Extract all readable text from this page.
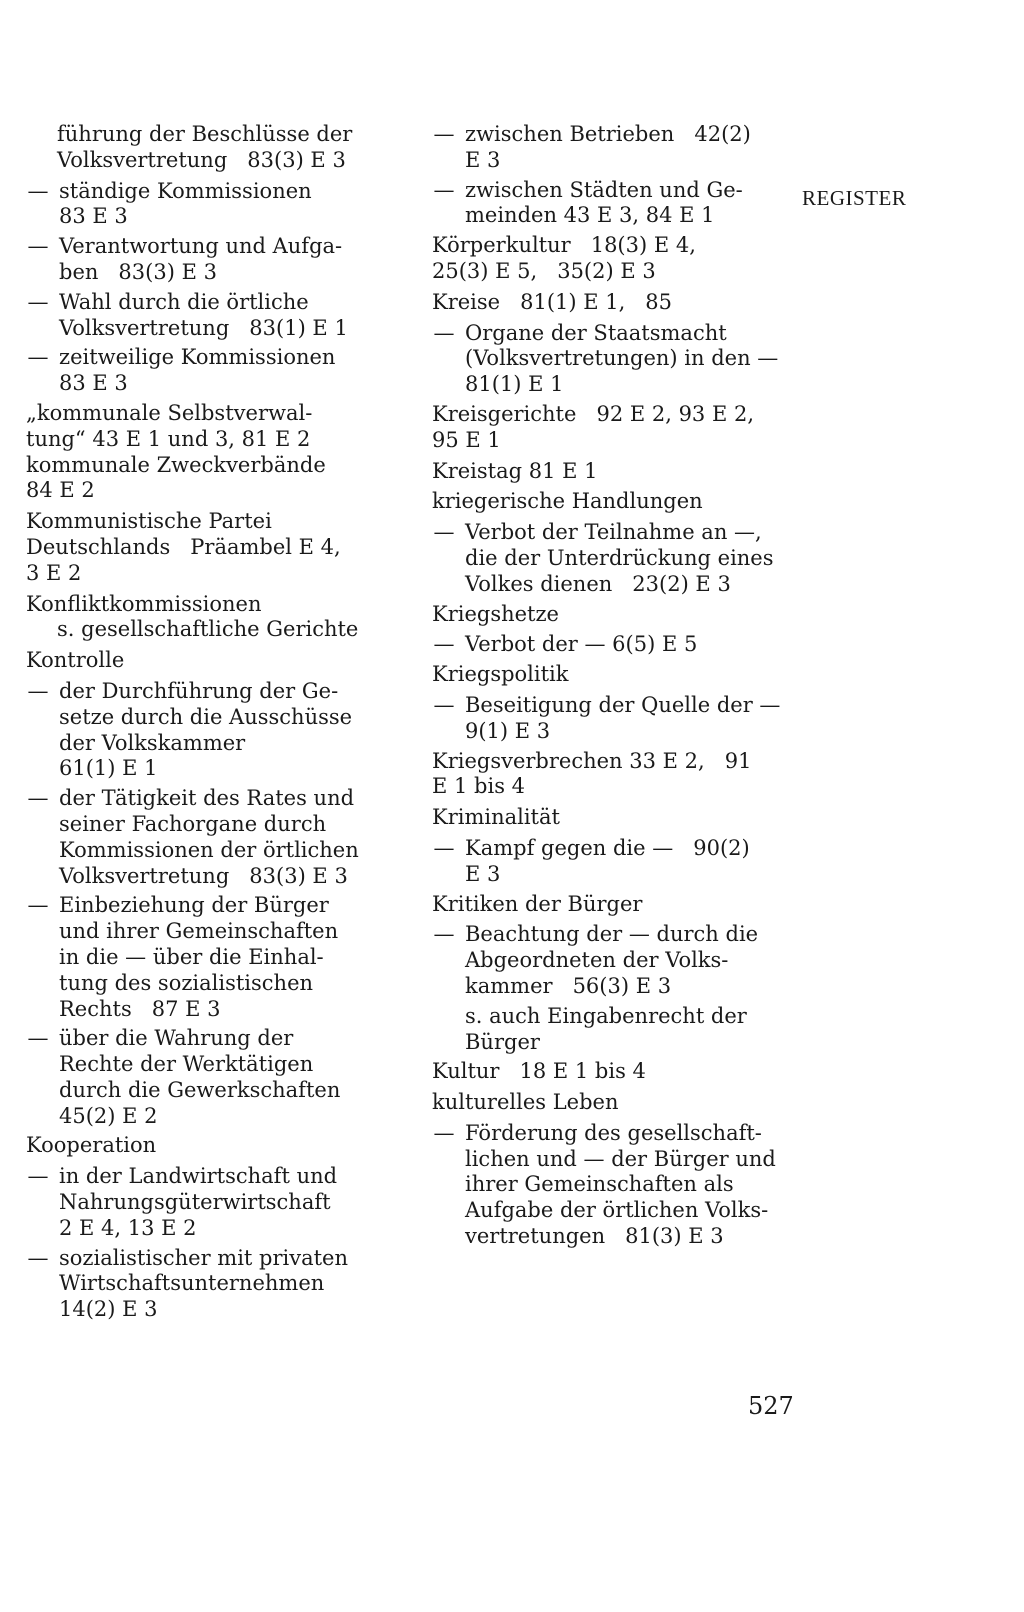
führung der Beschlüsse der
Volksvertretung   83(3) E 3
— ständige Kommissionen
83 E 3
— Verantwortung und Aufga-
ben   83(3) E 3
— Wahl durch die örtliche
Volksvertretung   83(1) E 1
— zeitweilige Kommissionen
83 E 3
„kommunale Selbstverwal-
tung“ 43 E 1 und 3, 81 E 2
kommunale Zweckverbände
84 E 2
Kommunistische Partei
Deutschlands   Präambel E 4,
3 E 2
Konfliktkommissionen
s. gesellschaftliche Gerichte
Kontrolle
— der Durchführung der Ge-
setze durch die Ausschüsse
der Volkskammer
61(1) E 1
— der Tätigkeit des Rates und
seiner Fachorgane durch
Kommissionen der örtlichen
Volksvertretung   83(3) E 3
— Einbeziehung der Bürger
und ihrer Gemeinschaften
in die — über die Einhal-
tung des sozialistischen
Rechts   87 E 3
— über die Wahrung der
Rechte der Werktätigen
durch die Gewerkschaften
45(2) E 2
Kooperation
— in der Landwirtschaft und
Nahrungsgüterwirtschaft
2 E 4, 13 E 2
— sozialistischer mit privaten
Wirtschaftsunternehmen
14(2) E 3
— zwischen Betrieben   42(2)
E 3
— zwischen Städten und Ge-
meinden 43 E 3, 84 E 1
Körperkultur   18(3) E 4,
25(3) E 5,   35(2) E 3
Kreise   81(1) E 1,   85
— Organe der Staatsmacht
(Volksvertretungen) in den —
81(1) E 1
Kreisgerichte   92 E 2, 93 E 2,
95 E 1
Kreistag 81 E 1
kriegerische Handlungen
— Verbot der Teilnahme an —,
die der Unterdrückung eines
Volkes dienen   23(2) E 3
Kriegshetze
— Verbot der — 6(5) E 5
Kriegspolitik
— Beseitigung der Quelle der —
9(1) E 3
Kriegsverbrechen 33 E 2,   91
E 1 bis 4
Kriminalität
— Kampf gegen die —   90(2)
E 3
Kritiken der Bürger
— Beachtung der — durch die
Abgeordneten der Volks-
kammer   56(3) E 3
s. auch Eingabenrecht der
Bürger
Kultur   18 E 1 bis 4
kulturelles Leben
— Förderung des gesellschaft-
lichen und — der Bürger und
ihrer Gemeinschaften als
Aufgabe der örtlichen Volks-
vertretungen   81(3) E 3
REGISTER
527
